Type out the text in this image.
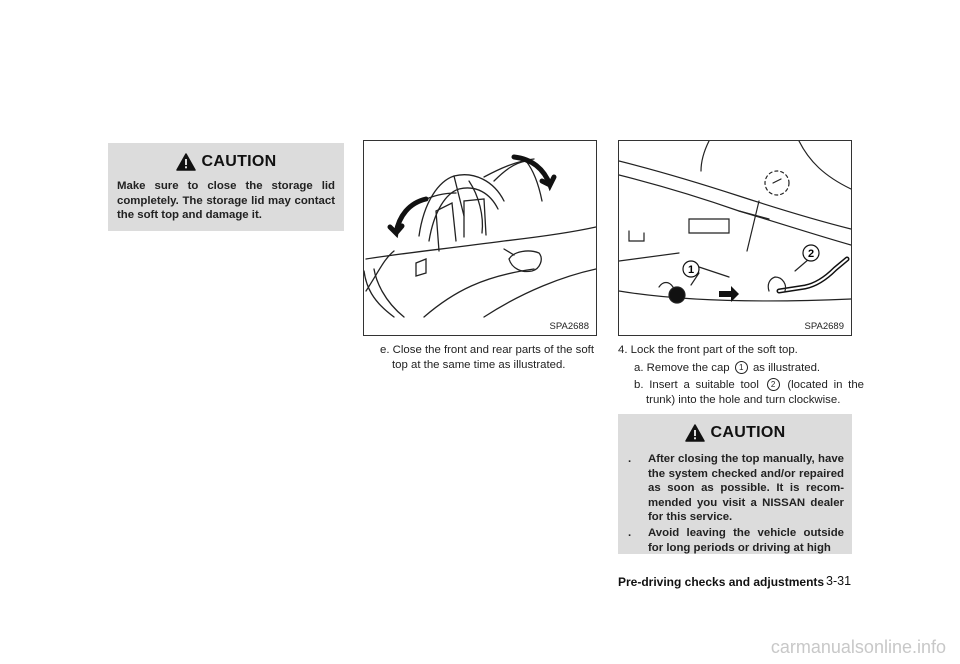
CAUTION
Make sure to close the storage lid completely. The storage lid may contact the soft top and damage it.
SPA2688
e. Close the front and rear parts of the soft top at the same time as illustrated.
1
2
SPA2689
4. Lock the front part of the soft top.
a. Remove the cap 1 as illustrated.
b. Insert a suitable tool 2 (located in the trunk) into the hole and turn clockwise.
CAUTION
.	After closing the top manually, have the system checked and/or repaired as soon as possible. It is recom- mended you visit a NISSAN dealer for this service.
.	Avoid leaving the vehicle outside for long periods or driving at high
Pre-driving checks and adjustments 3-31
carmanualsonline.info
